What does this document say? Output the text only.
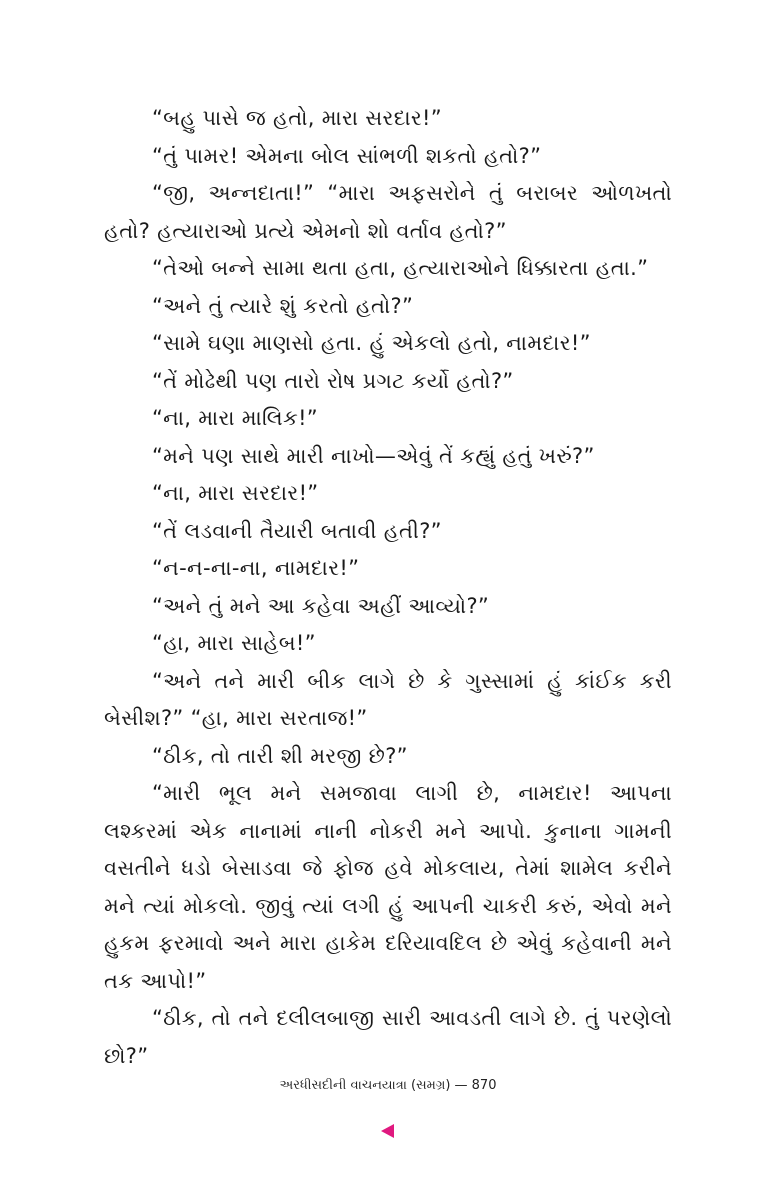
“બહુ પાસે જ હતો, મારા સરદાર!”

“તું પામર! એમના બોલ સાંભળી શકતો હતો?”

“જી, અન્નદાતા!” “મારા અફસરોને તું બરાબર ઓળખતો હતો? હત્યારાઓ પ્રત્યે એમનો શો વર્તાવ હતો?”

“તેઓ બન્ને સામા થતા હતા, હત્યારાઓને ધિક્કારતા હતા.”

“અને તું ત્યારે શું કરતો હતો?”

“સામે ઘણા માણસો હતા. હું એકલો હતો, નામદાર!”

“તેં મોઢેથી પણ તારો રોષ પ્રગટ કર્યો હતો?”

“ના, મારા માલિક!”

“મને પણ સાથે મારી નાખો—એવું તેં કહ્યું હતું ખરું?”

“ના, મારા સરદાર!”

“તેં લડવાની તૈયારી બતાવી હતી?”

“ન-ન-ના-ના, નામદાર!”

“અને તું મને આ કહેવા અહીં આવ્યો?”

“હા, મારા સાહેબ!”

“અને તને મારી બીક લાગે છે કે ગુસ્સામાં હું કાંઈક કરી બેસીશ?” “હા, મારા સરતાજ!”

“ઠીક, તો તારી શી મરજી છે?”

“મારી ભૂલ મને સમજાવા લાગી છે, નામદાર! આપના લશ્કરમાં એક નાનામાં નાની નોકરી મને આપો. કુનાના ગામની વસતીને ધડો બેસાડવા જે ફોજ હવે મોકલાય, તેમાં શામેલ કરીને મને ત્યાં મોકલો. જીવું ત્યાં લગી હું આપની ચાકરી કરું, એવો મને હુકમ ફરમાવો અને મારા હાકેમ દરિયાવદિલ છે એવું કહેવાની મને તક આપો!”

“ઠીક, તો તને દલીલબાજી સારી આવડતી લાગે છે. તું પરણેલો છો?”

અરધીસદીની વાચનયાત્રા (સમગ્ર) — 870
